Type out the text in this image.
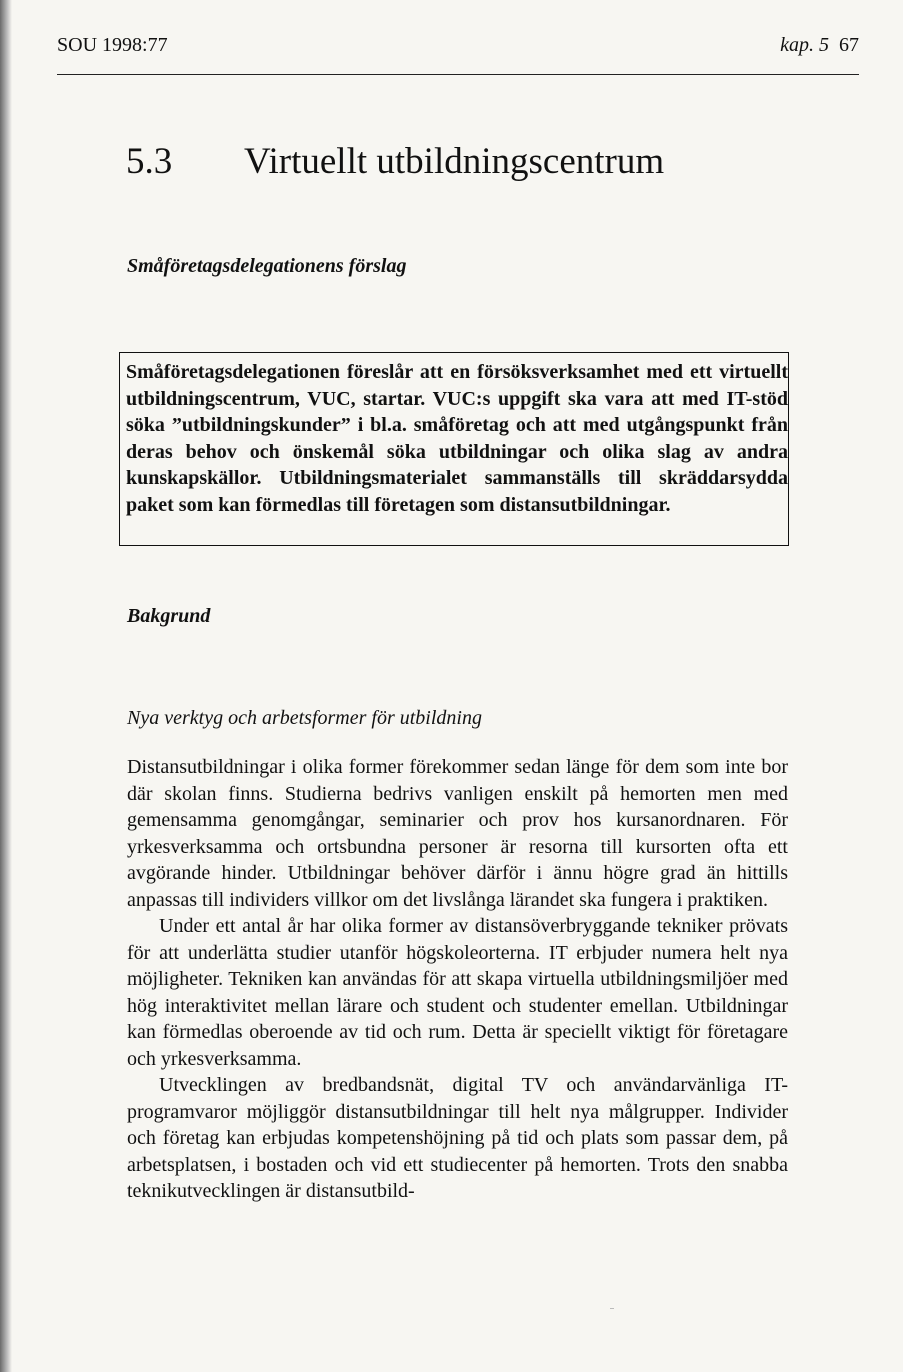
SOU 1998:77	kap. 5 67
5.3 Virtuellt utbildningscentrum
Småföretagsdelegationens förslag

Småföretagsdelegationen föreslår att en försöksverksamhet med ett virtuellt utbildningscentrum, VUC, startar. VUC:s uppgift ska vara att med IT-stöd söka ”utbildningskunder” i bl.a. småföretag och att med utgångspunkt från deras behov och önskemål söka utbildningar och olika slag av andra kunskapskällor. Utbildningsmaterialet sammanställs till skräddarsydda paket som kan förmedlas till företagen som distansutbildningar.

Bakgrund
Nya verktyg och arbetsformer för utbildning

Distansutbildningar i olika former förekommer sedan länge för dem som inte bor där skolan finns. Studierna bedrivs vanligen enskilt på hemorten men med gemensamma genomgångar, seminarier och prov hos kursanordnaren. För yrkesverksamma och ortsbundna personer är resorna till kursorten ofta ett avgörande hinder. Utbildningar behöver därför i ännu högre grad än hittills anpassas till individers villkor om det livslånga lärandet ska fungera i praktiken.

Under ett antal år har olika former av distansöverbryggande tekniker prövats för att underlätta studier utanför högskoleorterna. IT erbjuder numera helt nya möjligheter. Tekniken kan användas för att skapa virtuella utbildningsmiljöer med hög interaktivitet mellan lärare och student och studenter emellan. Utbildningar kan förmedlas oberoende av tid och rum. Detta är speciellt viktigt för företagare och yrkesverksamma.

Utvecklingen av bredbandsnät, digital TV och användarvänliga IT-programvaror möjliggör distansutbildningar till helt nya målgrupper. Individer och företag kan erbjudas kompetenshöjning på tid och plats som passar dem, på arbetsplatsen, i bostaden och vid ett studiecenter på hemorten. Trots den snabba teknikutvecklingen är distansutbild-
